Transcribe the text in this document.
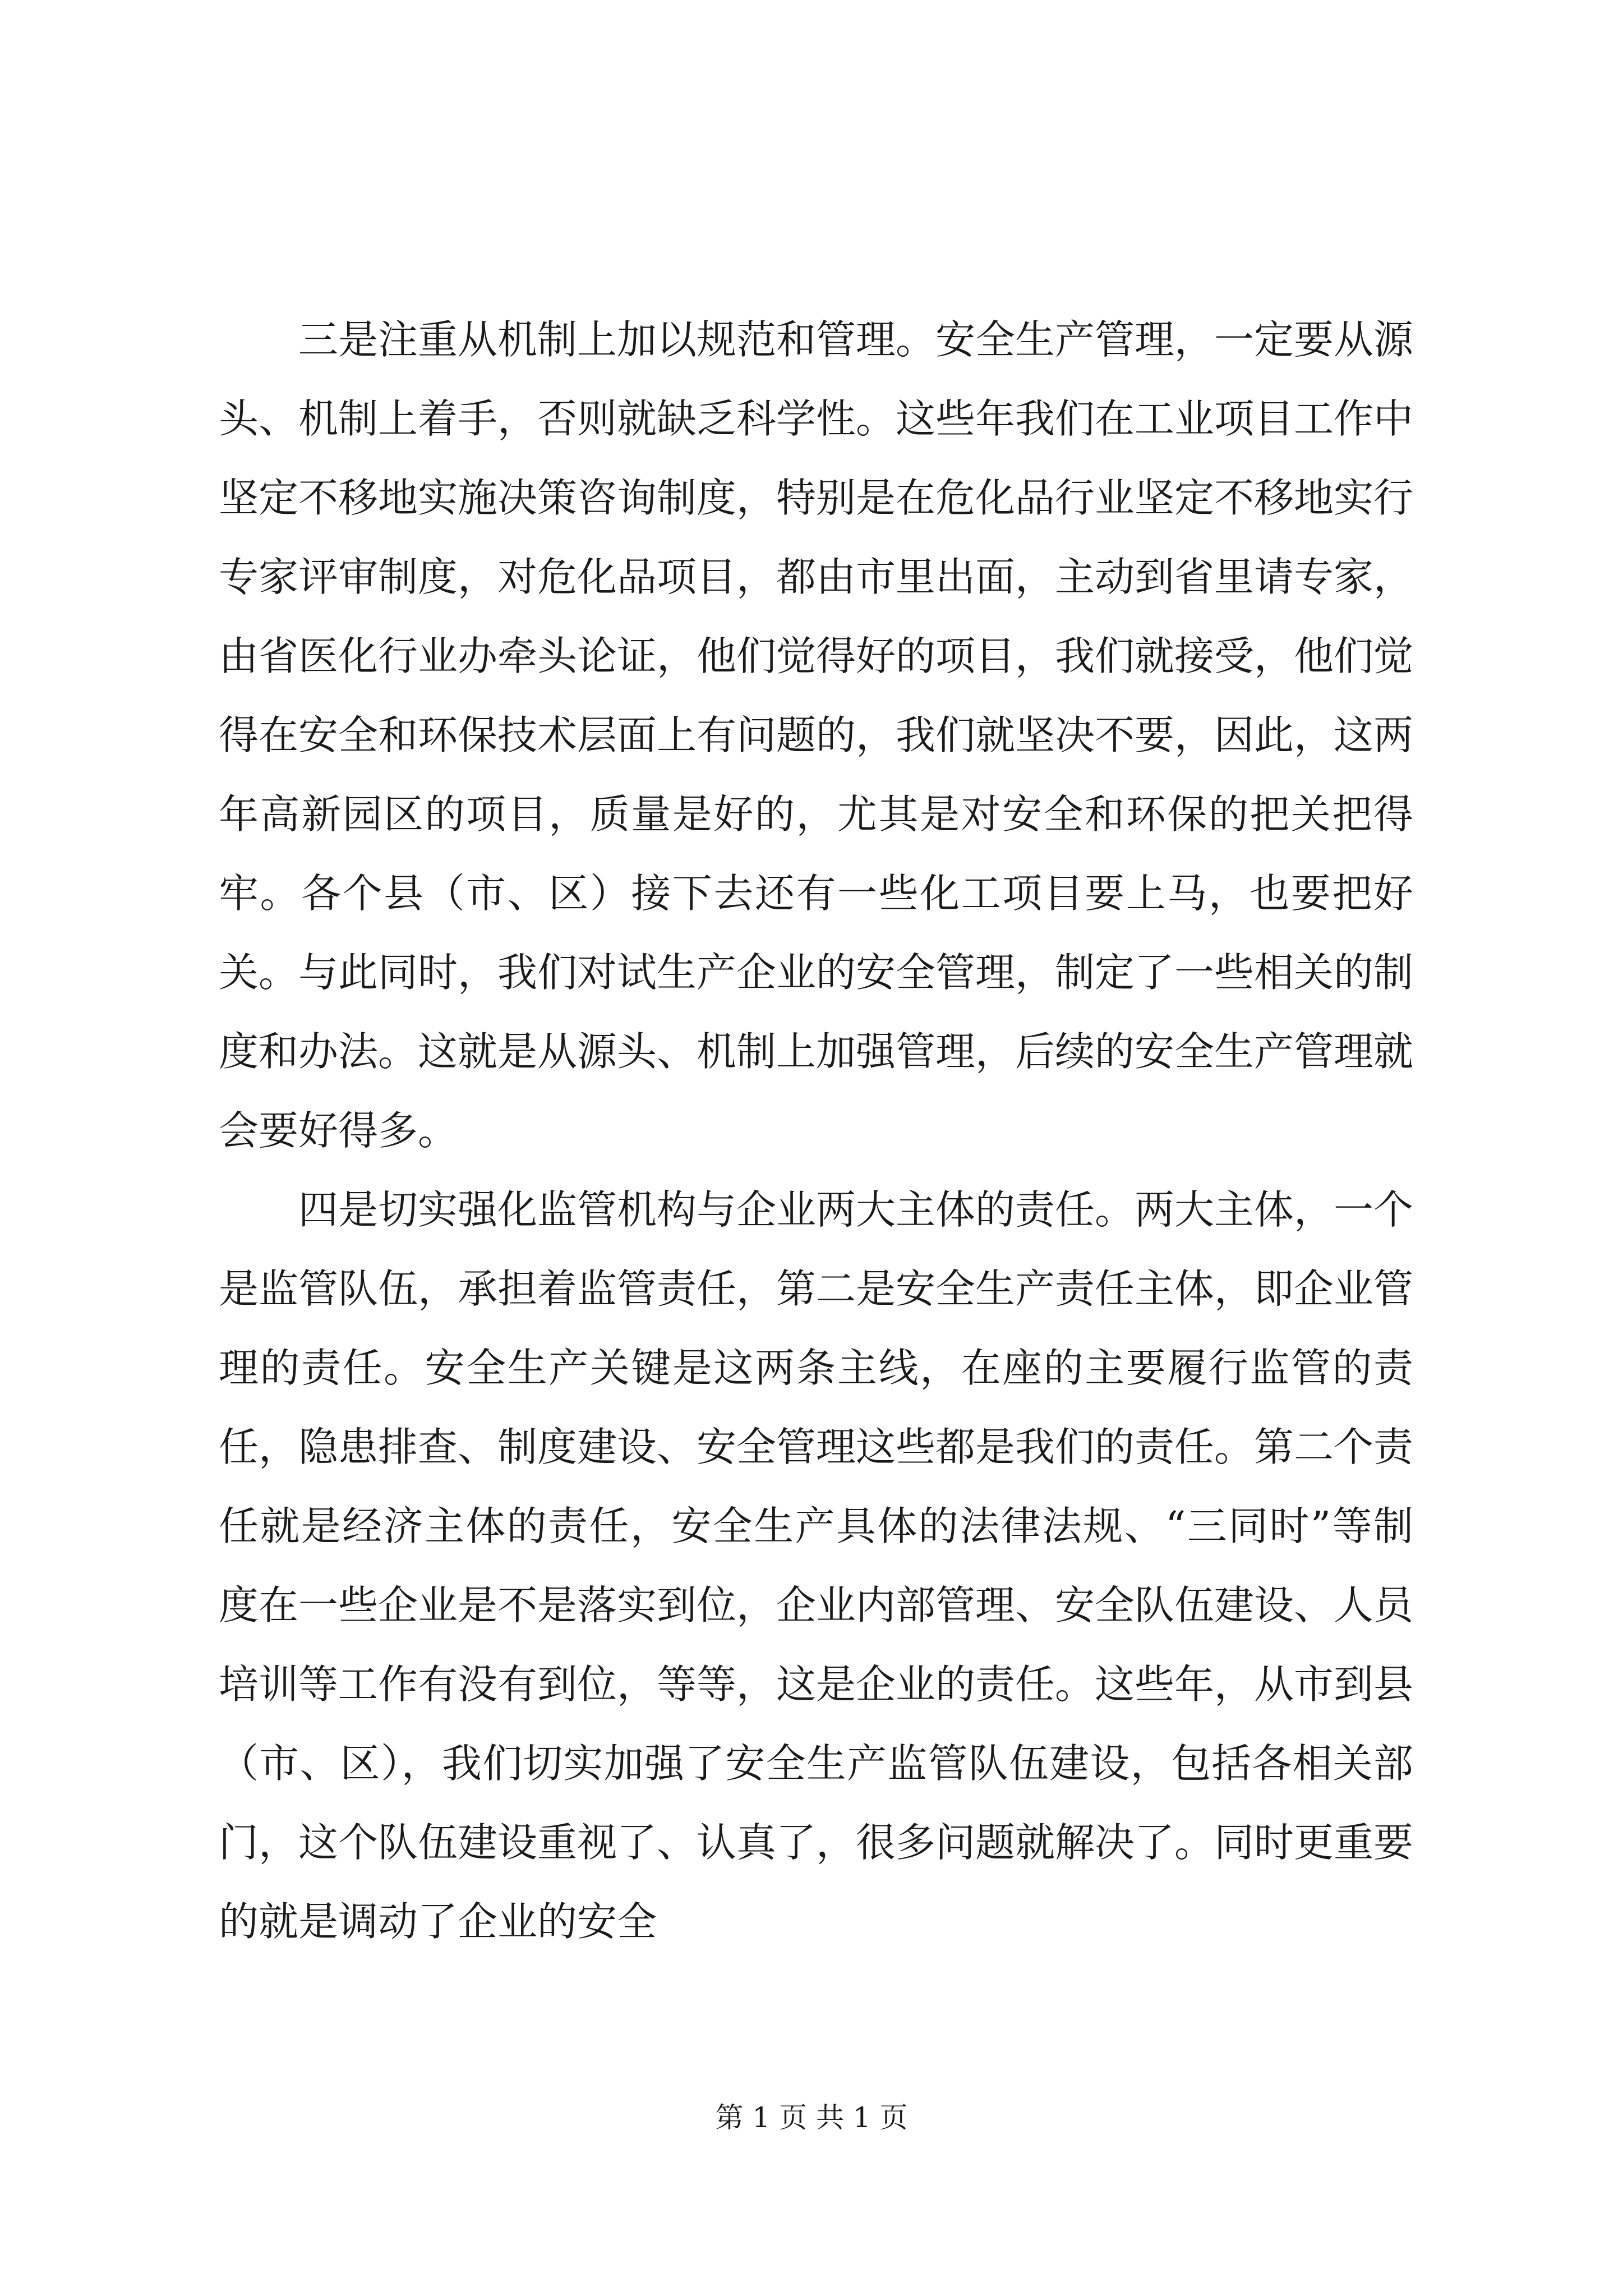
三是注重从机制上加以规范和管理。安全生产管理，一定要从源头、机制上着手，否则就缺乏科学性。这些年我们在工业项目工作中坚定不移地实施决策咨询制度，特别是在危化品行业坚定不移地实行专家评审制度，对危化品项目，都由市里出面，主动到省里请专家，由省医化行业办牵头论证，他们觉得好的项目，我们就接受，他们觉得在安全和环保技术层面上有问题的，我们就坚决不要，因此，这两年高新园区的项目，质量是好的，尤其是对安全和环保的把关把得牢。各个县（市、区）接下去还有一些化工项目要上马，也要把好关。与此同时，我们对试生产企业的安全管理，制定了一些相关的制度和办法。这就是从源头、机制上加强管理，后续的安全生产管理就会要好得多。

四是切实强化监管机构与企业两大主体的责任。两大主体，一个是监管队伍，承担着监管责任，第二是安全生产责任主体，即企业管理的责任。安全生产关键是这两条主线，在座的主要履行监管的责任，隐患排查、制度建设、安全管理这些都是我们的责任。第二个责任就是经济主体的责任，安全生产具体的法律法规、“三同时”等制度在一些企业是不是落实到位，企业内部管理、安全队伍建设、人员培训等工作有没有到位，等等，这是企业的责任。这些年，从市到县（市、区），我们切实加强了安全生产监管队伍建设，包括各相关部门，这个队伍建设重视了、认真了，很多问题就解决了。同时更重要的就是调动了企业的安全

第 1 页 共 1 页
